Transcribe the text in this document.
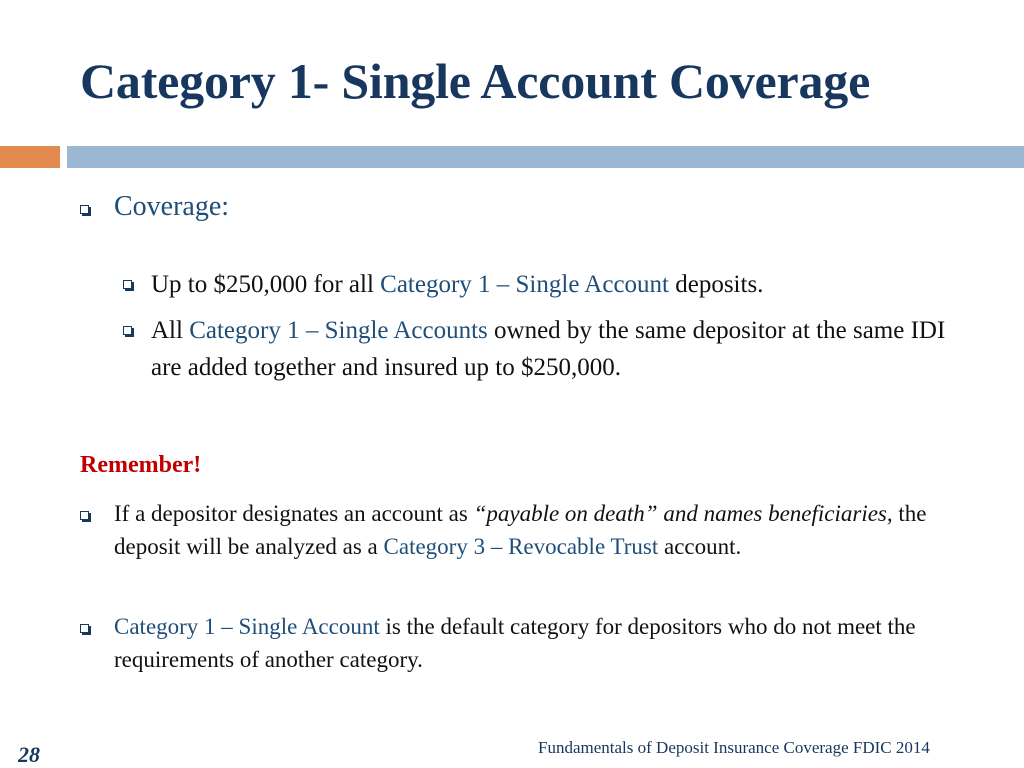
Category 1- Single Account Coverage
Coverage:
Up to $250,000 for all Category 1 – Single Account deposits.
All Category 1 – Single Accounts owned by the same depositor at the same IDI are added together and insured up to $250,000.
Remember!
If a depositor designates an account as “payable on death” and names beneficiaries, the deposit will be analyzed as a Category 3 – Revocable Trust account.
Category 1 – Single Account is the default category for depositors who do not meet the requirements of another category.
28	Fundamentals of Deposit Insurance Coverage FDIC 2014
